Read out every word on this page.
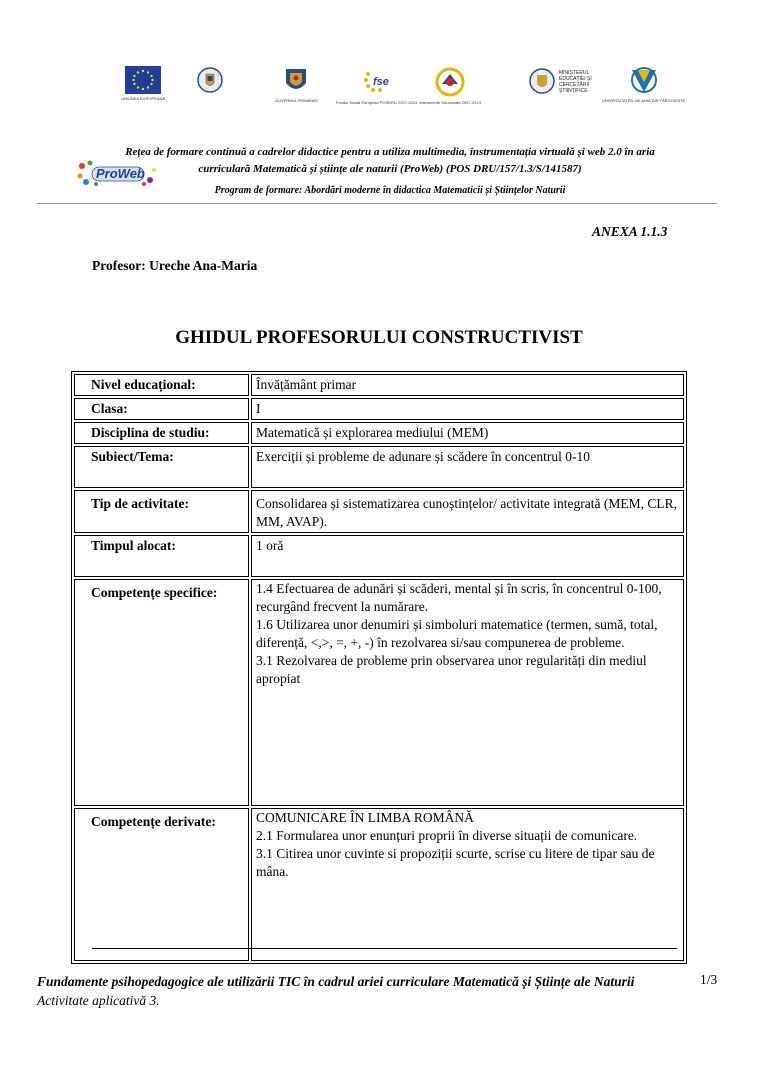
UNIUNEA EUROPEANĂ	GUVERNUL ROMÂNIEI
fse
Fondul Social European POSDRU 2007-2013 Instrumente Structurale 2007-2013
MINISTERUL EDUCAȚIEI ȘI CERCETĂRII ȘTIINȚIFICE
UNIVERSITATEA VALAHIA DIN TÂRGOVIȘTE
Rețea de formare continuă a cadrelor didactice pentru a utiliza multimedia, instrumentația virtuală și web 2.0 în aria
curriculară Matematică și științe ale naturii (ProWeb) (POS DRU/157/1.3/S/141587)
Program de formare: Abordări moderne în didactica Matematicii și Științelor Naturii
ProWeb
ANEXA 1.1.3
Profesor: Ureche Ana-Maria
GHIDUL PROFESORULUI CONSTRUCTIVIST
Nivel educațional:	Învățământ primar
Clasa:	I
Disciplina de studiu:	Matematică și explorarea mediului (MEM)
Subiect/Tema:	Exerciții și probleme de adunare și scădere în concentrul 0-10
Tip de activitate:	Consolidarea și sistematizarea cunoștințelor/ activitate integrată (MEM, CLR, MM, AVAP).
Timpul alocat:	1 oră
Competențe specifice:	1.4 Efectuarea de adunări și scăderi, mental și în scris, în concentrul 0-100, recurgând frecvent la numărare.
1.6 Utilizarea unor denumiri și simboluri matematice (termen, sumă, total, diferență, <,>, =, +, -) în rezolvarea si/sau compunerea de probleme.
3.1 Rezolvarea de probleme prin observarea unor regularități din mediul apropiat

Competențe derivate:	COMUNICARE ÎN LIMBA ROMÂNĂ
2.1 Formularea unor enunțuri proprii în diverse situații de comunicare.
3.1 Citirea unor cuvinte si propoziții scurte, scrise cu litere de tipar sau de mâna.
Fundamente psihopedagogice ale utilizării TIC în cadrul ariei curriculare Matematică și Științe ale Naturii
Activitate aplicativă 3.
1/3
